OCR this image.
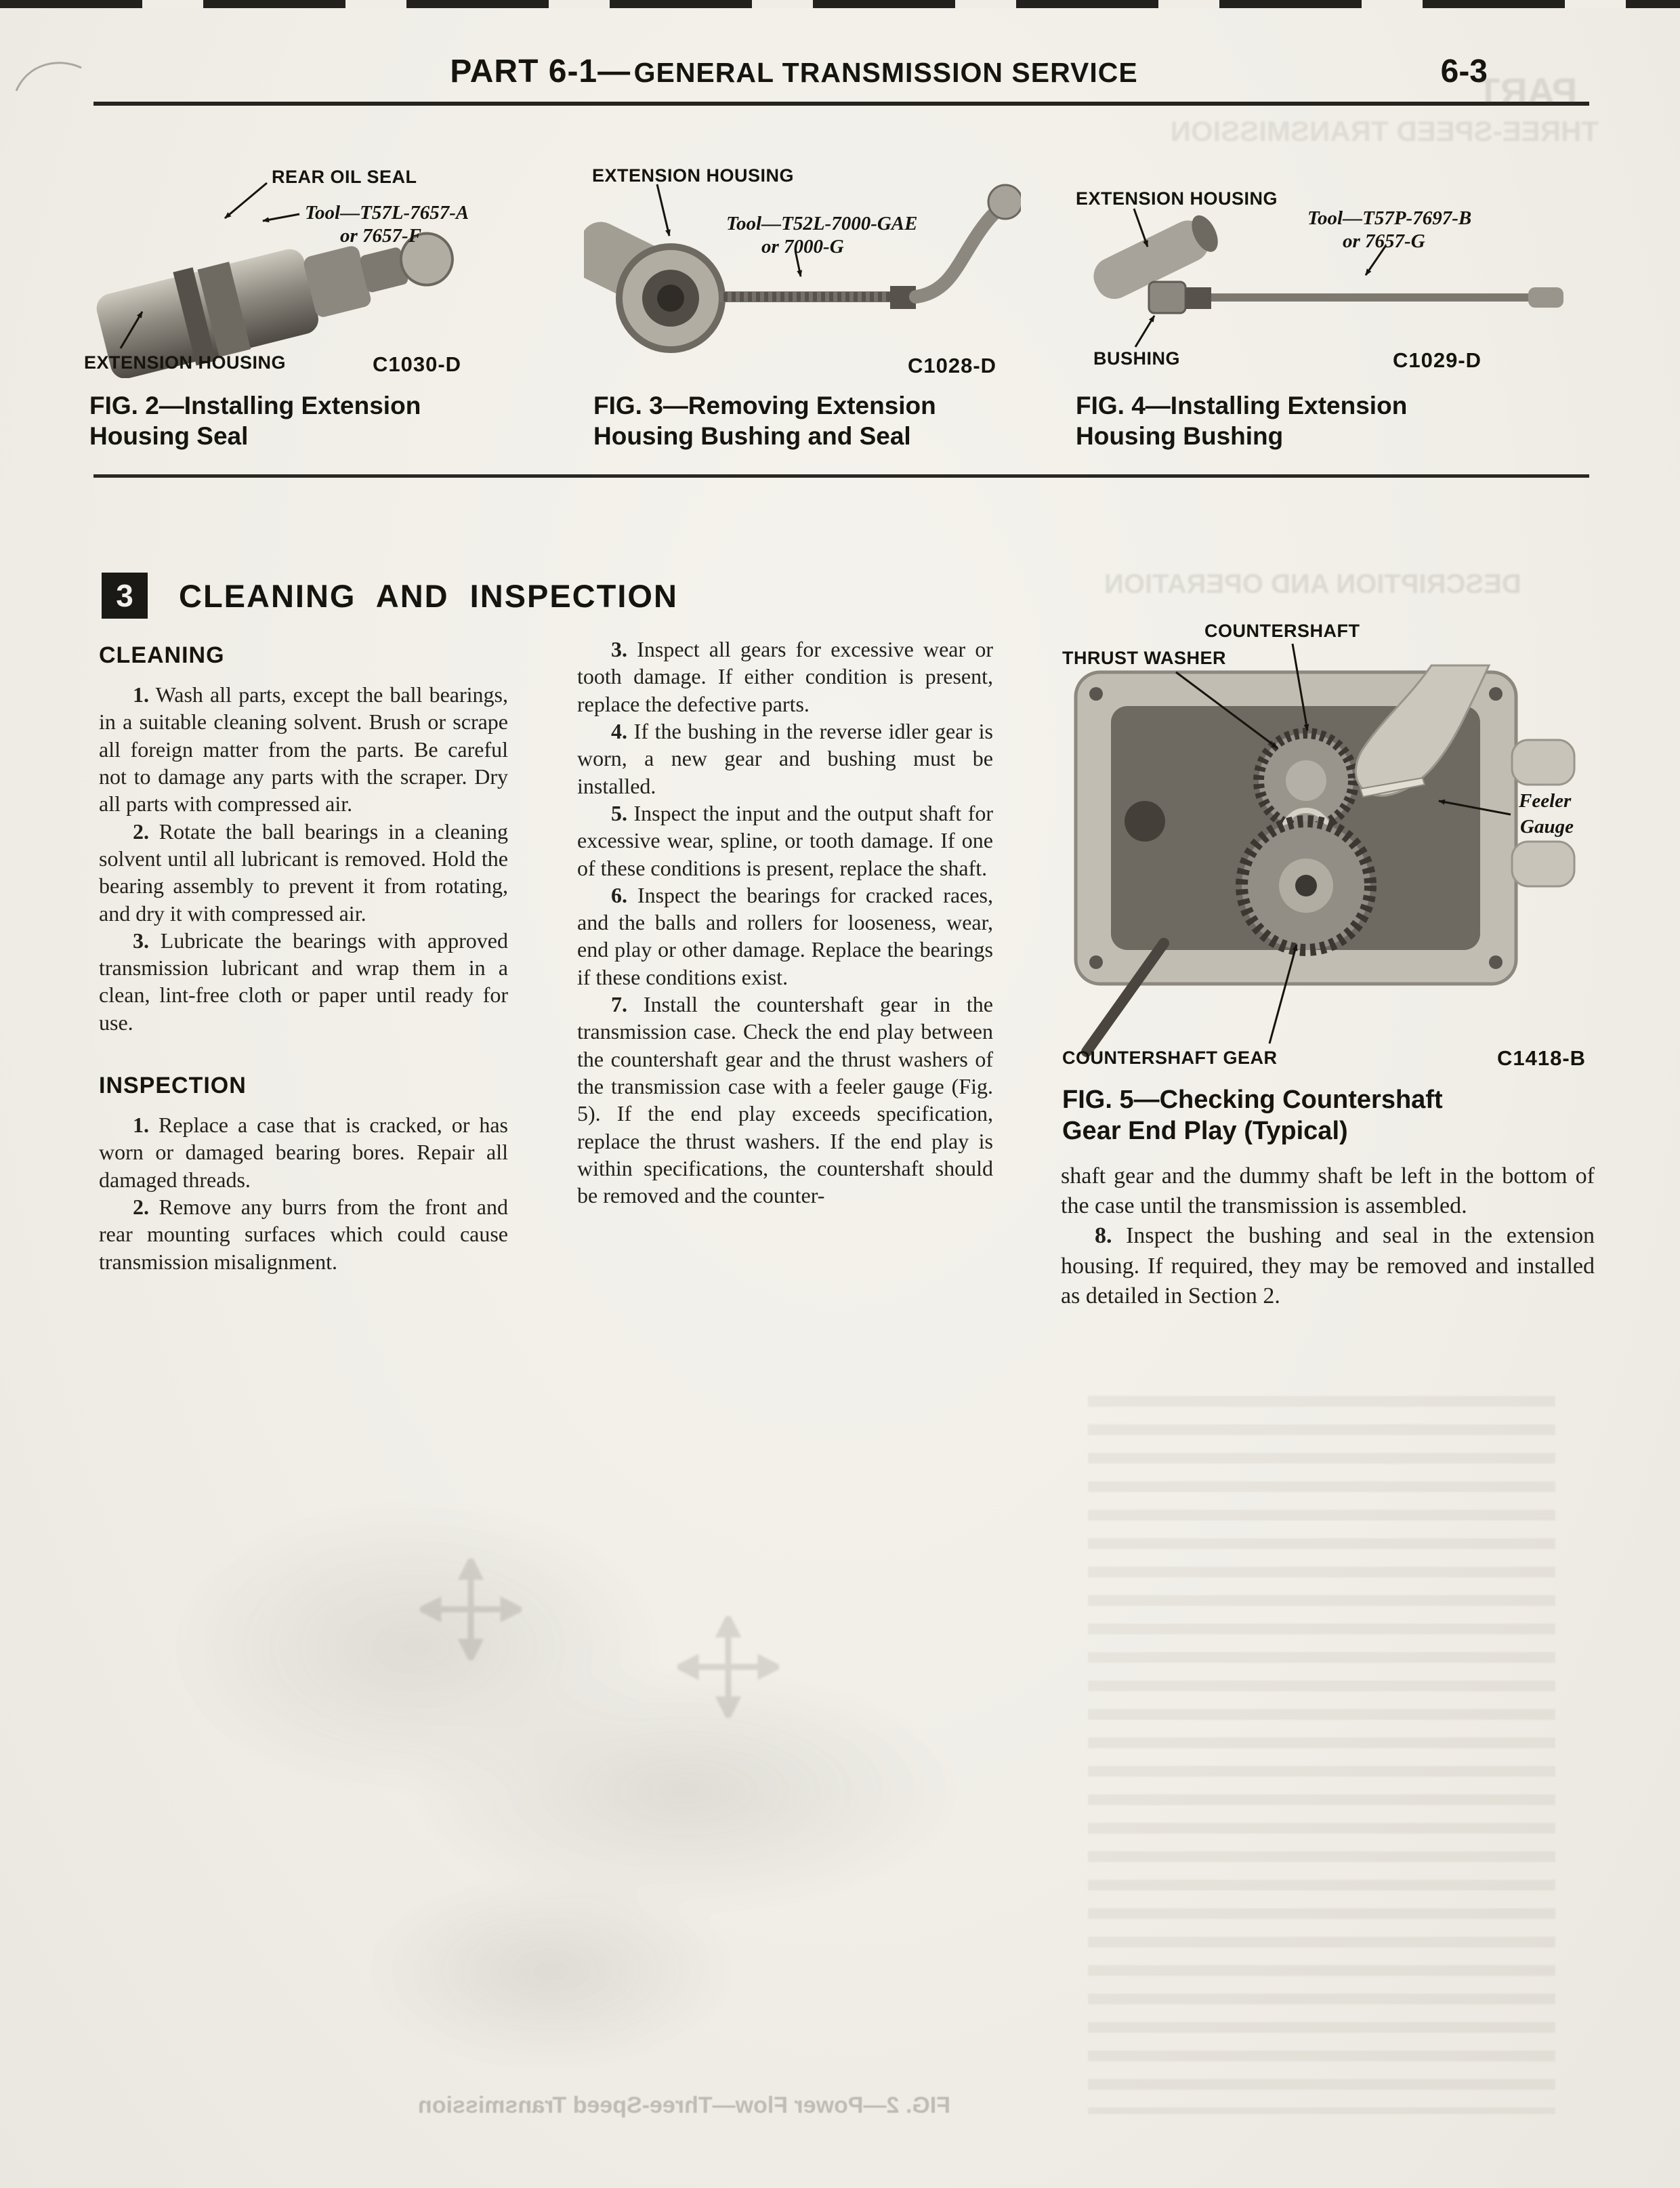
PART 6-1— GENERAL TRANSMISSION SERVICE	6-3
REAR OIL SEAL
Tool—T57L-7657-A
or 7657-F
EXTENSION HOUSING	C1030-D
FIG. 2—Installing Extension
Housing Seal
EXTENSION HOUSING
Tool—T52L-7000-GAE
or 7000-G
C1028-D
FIG. 3—Removing Extension
Housing Bushing and Seal
EXTENSION HOUSING
Tool—T57P-7697-B
or 7657-G
BUSHING	C1029-D
FIG. 4—Installing Extension
Housing Bushing
3	CLEANING AND INSPECTION
CLEANING

1. Wash all parts, except the ball bearings, in a suitable cleaning solvent. Brush or scrape all foreign matter from the parts. Be careful not to damage any parts with the scraper. Dry all parts with compressed air.

2. Rotate the ball bearings in a cleaning solvent until all lubricant is removed. Hold the bearing assembly to prevent it from rotating, and dry it with compressed air.

3. Lubricate the bearings with approved transmission lubricant and wrap them in a clean, lint-free cloth or paper until ready for use.

INSPECTION

1. Replace a case that is cracked, or has worn or damaged bearing bores. Repair all damaged threads.

2. Remove any burrs from the front and rear mounting surfaces which could cause transmission misalignment.

3. Inspect all gears for excessive wear or tooth damage. If either condition is present, replace the defective parts.

4. If the bushing in the reverse idler gear is worn, a new gear and bushing must be installed.

5. Inspect the input and the output shaft for excessive wear, spline, or tooth damage. If one of these conditions is present, replace the shaft.

6. Inspect the bearings for cracked races, and the balls and rollers for looseness, wear, end play or other damage. Replace the bearings if these conditions exist.

7. Install the countershaft gear in the transmission case. Check the end play between the countershaft gear and the thrust washers of the transmission case with a feeler gauge (Fig. 5). If the end play exceeds specification, replace the thrust washers. If the end play is within specifications, the countershaft should be removed and the counter-

COUNTERSHAFT
THRUST WASHER
Feeler
Gauge
COUNTERSHAFT GEAR	C1418-B
FIG. 5—Checking Countershaft
Gear End Play (Typical)

shaft gear and the dummy shaft be left in the bottom of the case until the transmission is assembled.

8. Inspect the bushing and seal in the extension housing. If required, they may be removed and installed as detailed in Section 2.

PART
THREE-SPEED TRANSMISSION
DESCRIPTION AND OPERATION
FIG. 2—Power Flow—Three-Speed Transmission
